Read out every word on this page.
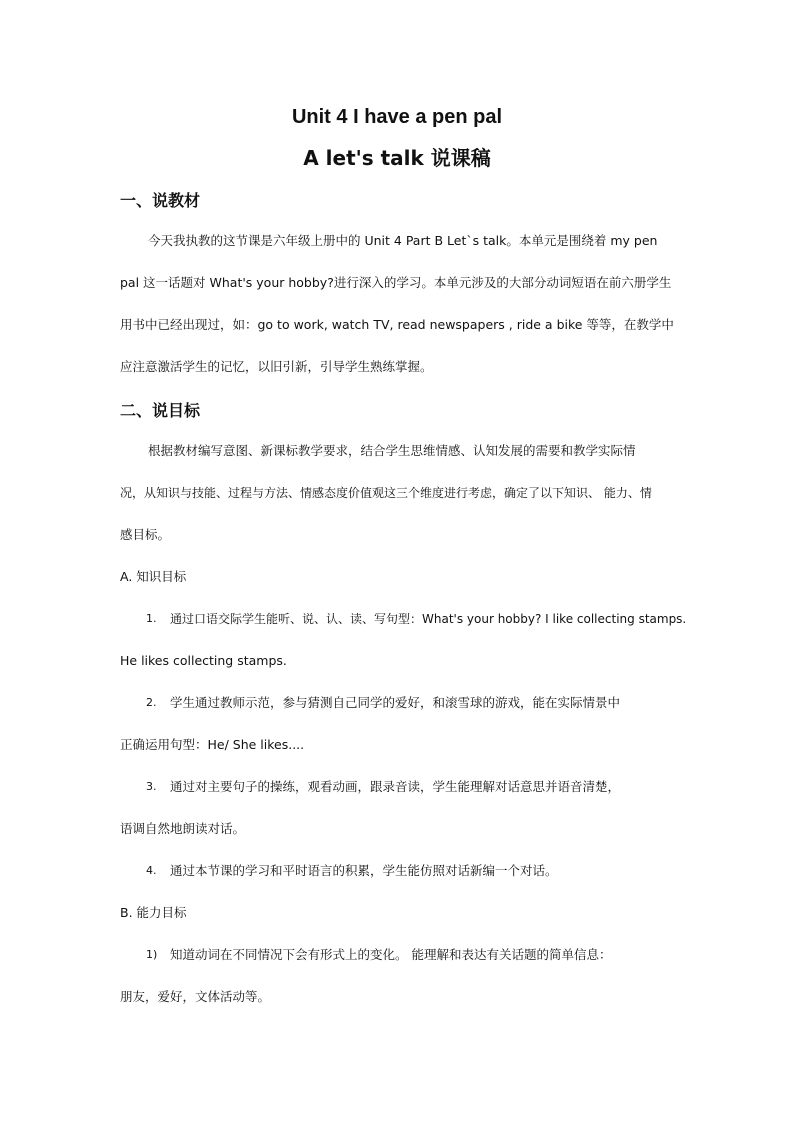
Unit 4 I have a pen pal
A let's talk 说课稿
一、说教材
今天我执教的这节课是六年级上册中的 Unit 4 Part B Let`s talk。本单元是围绕着 my pen pal 这一话题对 What's your hobby?进行深入的学习。本单元涉及的大部分动词短语在前六册学生用书中已经出现过，如：go to work, watch TV, read newspapers , ride a bike 等等，在教学中应注意激活学生的记忆，以旧引新，引导学生熟练掌握。
二、说目标
根据教材编写意图、新课标教学要求，结合学生思维情感、认知发展的需要和教学实际情
况，从知识与技能、过程与方法、情感态度价值观这三个维度进行考虑，确定了以下知识、 能力、情
感目标。
A. 知识目标
1. 通过口语交际学生能听、说、认、读、写句型：What's your hobby? I like collecting stamps.
He likes collecting stamps.
2. 学生通过教师示范，参与猜测自己同学的爱好，和滚雪球的游戏，能在实际情景中
正确运用句型：He/ She likes....
3. 通过对主要句子的操练，观看动画，跟录音读，学生能理解对话意思并语音清楚，
语调自然地朗读对话。
4. 通过本节课的学习和平时语言的积累，学生能仿照对话新编一个对话。
B. 能力目标
1) 知道动词在不同情况下会有形式上的变化。 能理解和表达有关话题的简单信息：
朋友，爱好，文体活动等。
